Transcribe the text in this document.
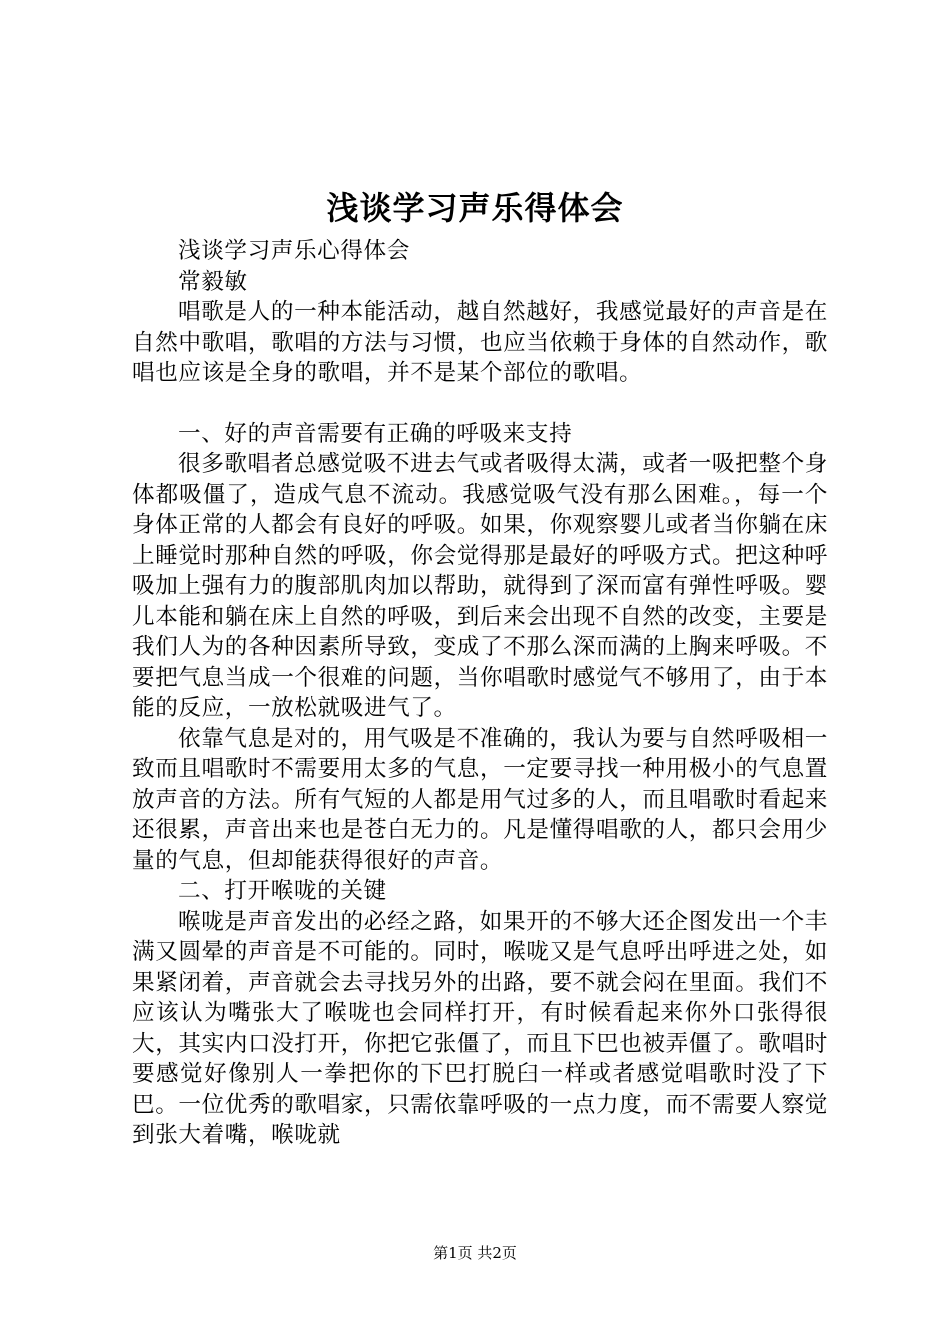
浅谈学习声乐得体会

浅谈学习声乐心得体会

常毅敏

唱歌是人的一种本能活动，越自然越好，我感觉最好的声音是在自然中歌唱，歌唱的方法与习惯，也应当依赖于身体的自然动作，歌唱也应该是全身的歌唱，并不是某个部位的歌唱。

一、好的声音需要有正确的呼吸来支持

很多歌唱者总感觉吸不进去气或者吸得太满，或者一吸把整个身体都吸僵了，造成气息不流动。我感觉吸气没有那么困难。，每一个身体正常的人都会有良好的呼吸。如果，你观察婴儿或者当你躺在床上睡觉时那种自然的呼吸，你会觉得那是最好的呼吸方式。把这种呼吸加上强有力的腹部肌肉加以帮助，就得到了深而富有弹性呼吸。婴儿本能和躺在床上自然的呼吸，到后来会出现不自然的改变，主要是我们人为的各种因素所导致，变成了不那么深而满的上胸来呼吸。不要把气息当成一个很难的问题，当你唱歌时感觉气不够用了，由于本能的反应，一放松就吸进气了。

依靠气息是对的，用气吸是不准确的，我认为要与自然呼吸相一致而且唱歌时不需要用太多的气息，一定要寻找一种用极小的气息置放声音的方法。所有气短的人都是用气过多的人，而且唱歌时看起来还很累，声音出来也是苍白无力的。凡是懂得唱歌的人，都只会用少量的气息，但却能获得很好的声音。

二、打开喉咙的关键

喉咙是声音发出的必经之路，如果开的不够大还企图发出一个丰满又圆晕的声音是不可能的。同时，喉咙又是气息呼出呼进之处，如果紧闭着，声音就会去寻找另外的出路，要不就会闷在里面。我们不应该认为嘴张大了喉咙也会同样打开，有时候看起来你外口张得很大，其实内口没打开，你把它张僵了，而且下巴也被弄僵了。歌唱时要感觉好像别人一拳把你的下巴打脱臼一样或者感觉唱歌时没了下巴。一位优秀的歌唱家，只需依靠呼吸的一点力度，而不需要人察觉到张大着嘴，喉咙就

第1页 共2页
